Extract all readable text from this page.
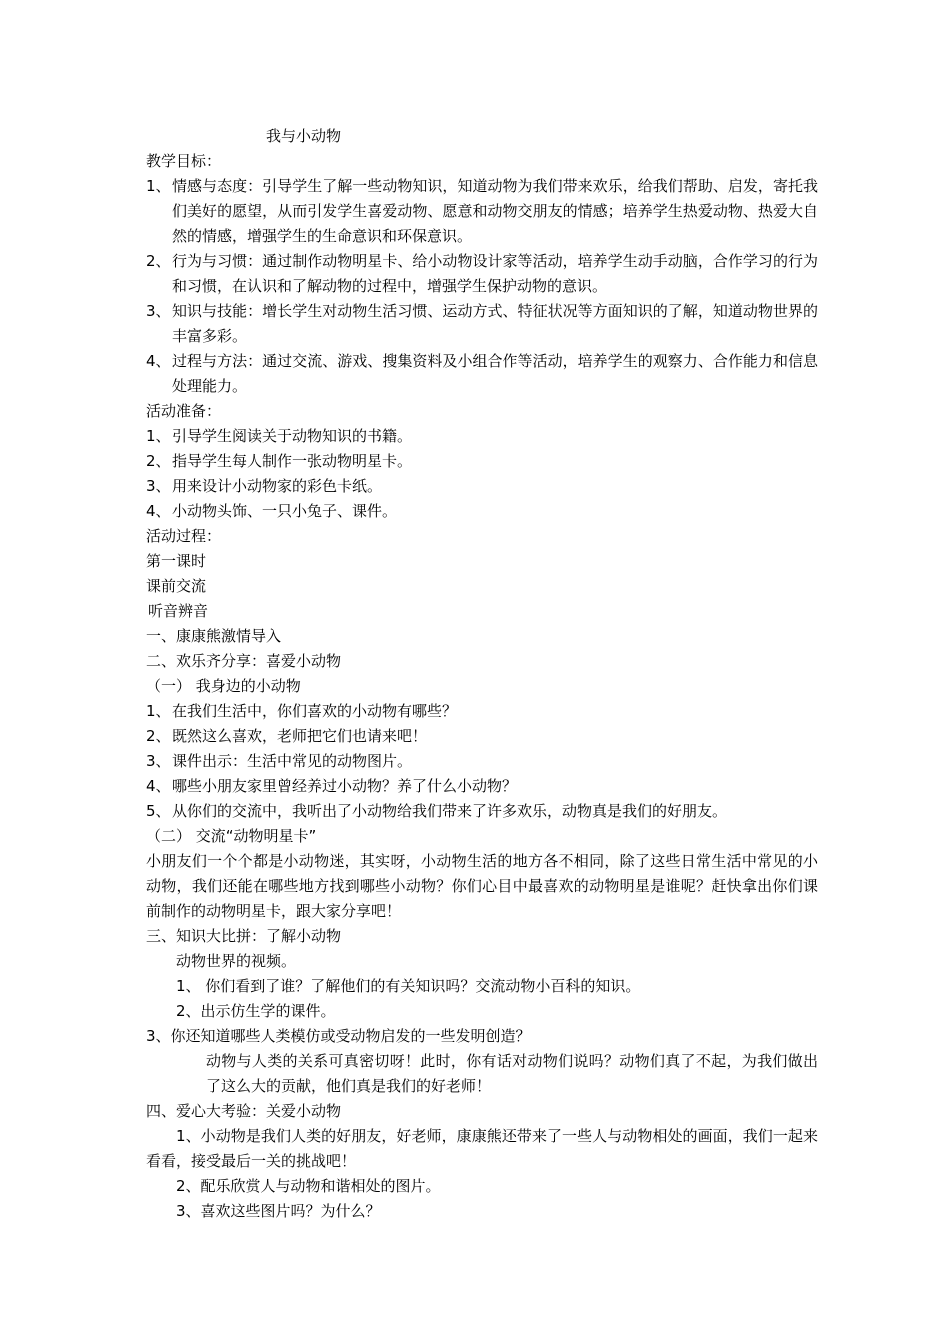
我与小动物
教学目标：
1、 情感与态度：引导学生了解一些动物知识，知道动物为我们带来欢乐，给我们帮助、启发，寄托我们美好的愿望，从而引发学生喜爱动物、愿意和动物交朋友的情感；培养学生热爱动物、热爱大自然的情感，增强学生的生命意识和环保意识。
2、 行为与习惯：通过制作动物明星卡、给小动物设计家等活动，培养学生动手动脑，合作学习的行为和习惯，在认识和了解动物的过程中，增强学生保护动物的意识。
3、 知识与技能：增长学生对动物生活习惯、运动方式、特征状况等方面知识的了解，知道动物世界的丰富多彩。
4、 过程与方法：通过交流、游戏、搜集资料及小组合作等活动，培养学生的观察力、合作能力和信息处理能力。
活动准备：
1、 引导学生阅读关于动物知识的书籍。
2、 指导学生每人制作一张动物明星卡。
3、 用来设计小动物家的彩色卡纸。
4、 小动物头饰、一只小兔子、课件。
活动过程：
第一课时
课前交流
听音辨音
一、康康熊激情导入
二、欢乐齐分享：喜爱小动物
（一） 我身边的小动物
1、 在我们生活中，你们喜欢的小动物有哪些？
2、 既然这么喜欢，老师把它们也请来吧！
3、 课件出示：生活中常见的动物图片。
4、 哪些小朋友家里曾经养过小动物？养了什么小动物？
5、 从你们的交流中，我听出了小动物给我们带来了许多欢乐，动物真是我们的好朋友。
（二） 交流“动物明星卡”
小朋友们一个个都是小动物迷，其实呀，小动物生活的地方各不相同，除了这些日常生活中常见的小动物，我们还能在哪些地方找到哪些小动物？你们心目中最喜欢的动物明星是谁呢？赶快拿出你们课前制作的动物明星卡，跟大家分享吧！
三、知识大比拼：了解小动物
动物世界的视频。
1、 你们看到了谁？了解他们的有关知识吗？交流动物小百科的知识。
2、出示仿生学的课件。
3、你还知道哪些人类模仿或受动物启发的一些发明创造？
动物与人类的关系可真密切呀！此时，你有话对动物们说吗？动物们真了不起，为我们做出了这么大的贡献，他们真是我们的好老师！
四、爱心大考验：关爱小动物
1、小动物是我们人类的好朋友，好老师，康康熊还带来了一些人与动物相处的画面，我们一起来看看，接受最后一关的挑战吧！
2、配乐欣赏人与动物和谐相处的图片。
3、喜欢这些图片吗？为什么？
